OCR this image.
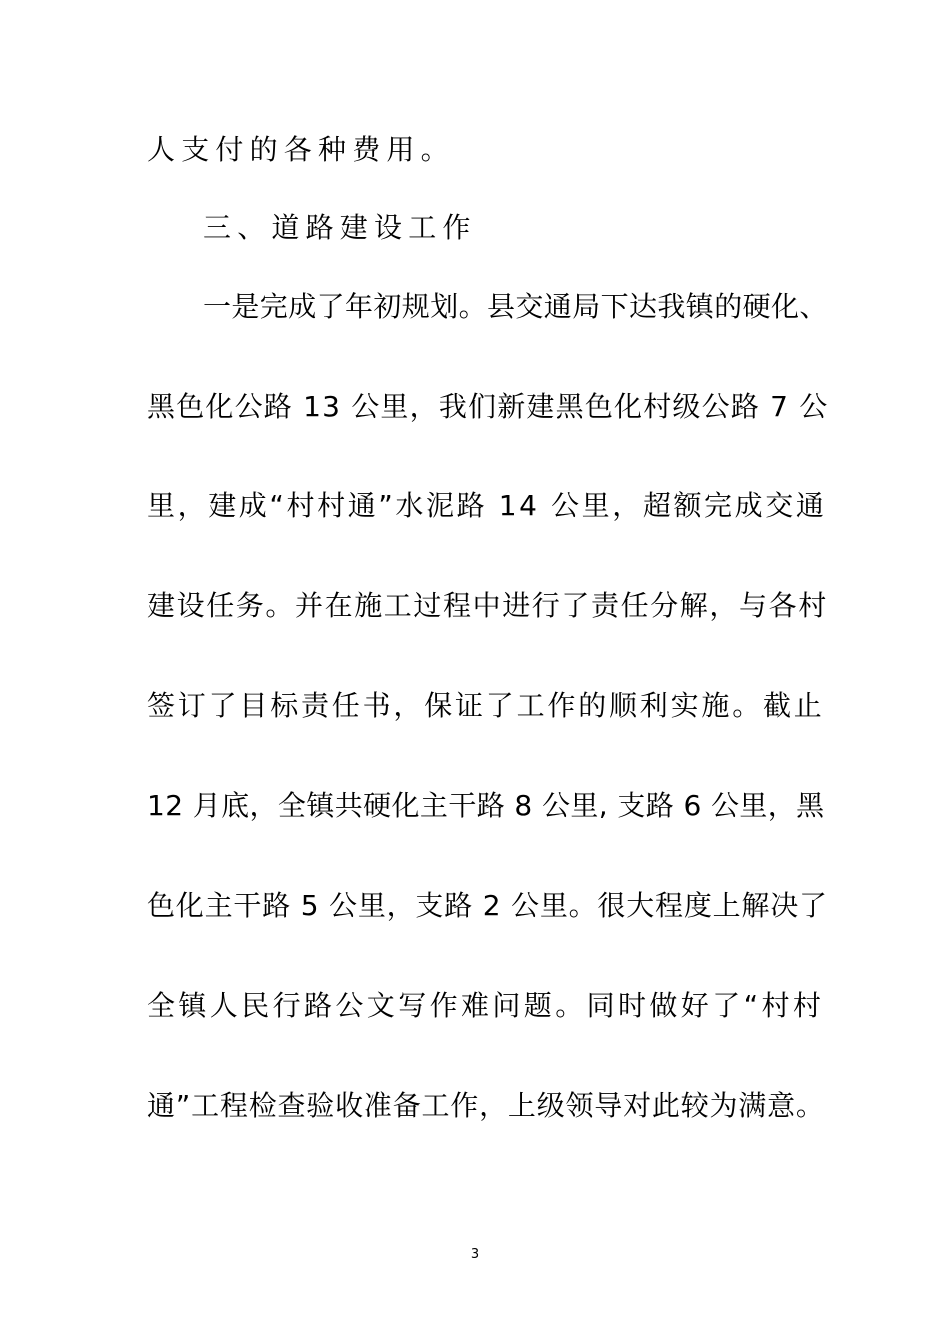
人支付的各种费用。
三、道路建设工作
一是完成了年初规划。县交通局下达我镇的硬化、
黑色化公路 13 公里，我们新建黑色化村级公路 7 公
里，建成“村村通”水泥路 14 公里，超额完成交通
建设任务。并在施工过程中进行了责任分解，与各村
签订了目标责任书，保证了工作的顺利实施。截止
12 月底，全镇共硬化主干路 8 公里, 支路 6 公里，黑
色化主干路 5 公里，支路 2 公里。很大程度上解决了
全镇人民行路公文写作难问题。同时做好了“村村
通”工程检查验收准备工作，上级领导对此较为满意。
3
